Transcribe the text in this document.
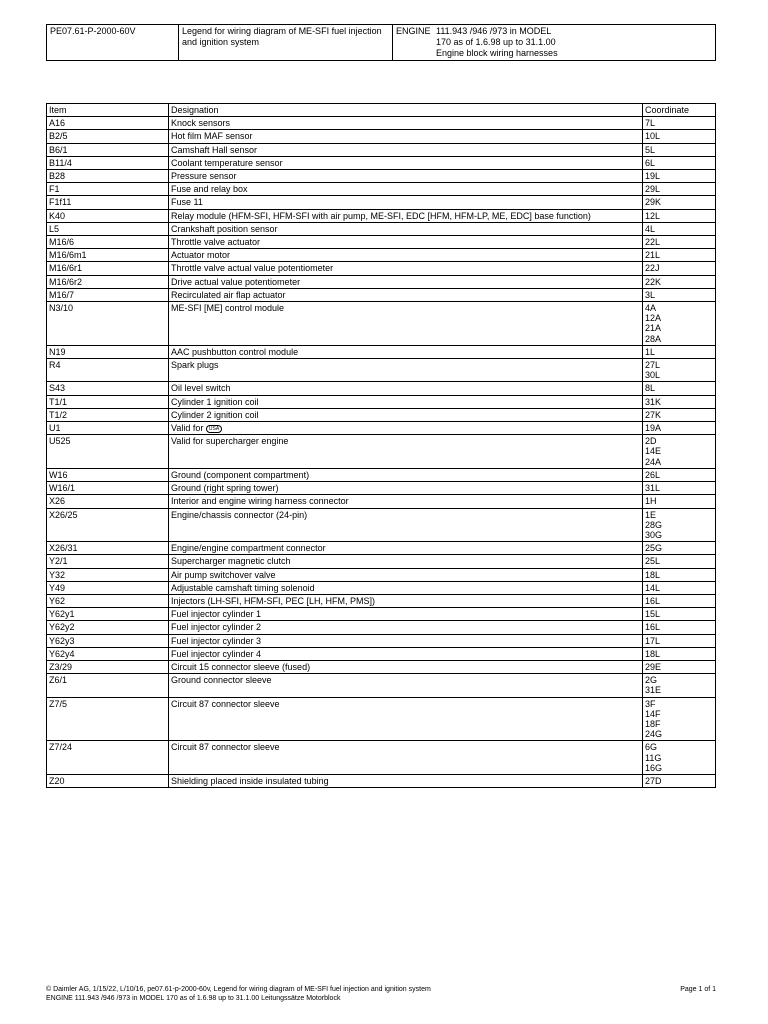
PE07.61-P-2000-60V	Legend for wiring diagram of ME-SFI fuel injection and ignition system	
ENGINE 111.943 /946 /973 in MODEL
170 as of 1.6.98 up to 31.1.00
Engine block wiring harnesses
Item	Designation	Coordinate
A16	Knock sensors	7L

B2/5	Hot film MAF sensor	10L

B6/1	Camshaft Hall sensor	5L

B11/4	Coolant temperature sensor	6L

B28	Pressure sensor	19L

F1	Fuse and relay box	29L

F1f11	Fuse 11	29K

K40	Relay module (HFM-SFI, HFM-SFI with air pump, ME-SFI, EDC [HFM, HFM-LP, ME, EDC] base function)	12L

L5	Crankshaft position sensor	4L

M16/6	Throttle valve actuator	22L

M16/6m1	Actuator motor	21L

M16/6r1	Throttle valve actual value potentiometer	22J

M16/6r2	Drive actual value potentiometer	22K

M16/7	Recirculated air flap actuator	3L

N3/10	ME-SFI [ME] control module	4A
12A
21A
28A

N19	AAC pushbutton control module	1L

R4	Spark plugs	27L
30L

S43	Oil level switch	8L

T1/1	Cylinder 1 ignition coil	31K

T1/2	Cylinder 2 ignition coil	27K

U1	Valid for USA	19A

U525	Valid for supercharger engine	2D
14E
24A

W16	Ground (component compartment)	26L

W16/1	Ground (right spring tower)	31L

X26	Interior and engine wiring harness connector	1H

X26/25	Engine/chassis connector (24-pin)	1E
28G
30G

X26/31	Engine/engine compartment connector	25G

Y2/1	Supercharger magnetic clutch	25L

Y32	Air pump switchover valve	18L

Y49	Adjustable camshaft timing solenoid	14L

Y62	Injectors (LH-SFI, HFM-SFI, PEC [LH, HFM, PMS])	16L

Y62y1	Fuel injector cylinder 1	15L

Y62y2	Fuel injector cylinder 2	16L

Y62y3	Fuel injector cylinder 3	17L

Y62y4	Fuel injector cylinder 4	18L

Z3/29	Circuit 15 connector sleeve (fused)	29E

Z6/1	Ground connector sleeve	2G
31E

Z7/5	Circuit 87 connector sleeve	3F
14F
18F
24G

Z7/24	Circuit 87 connector sleeve	6G
11G
16G

Z20	Shielding placed inside insulated tubing	27D
© Daimler AG, 1/15/22, L/10/16, pe07.61-p-2000-60v, Legend for wiring diagram of ME-SFI fuel injection and ignition system
ENGINE 111.943 /946 /973 in MODEL 170 as of 1.6.98 up to 31.1.00 Leitungssätze Motorblock
Page 1 of 1
